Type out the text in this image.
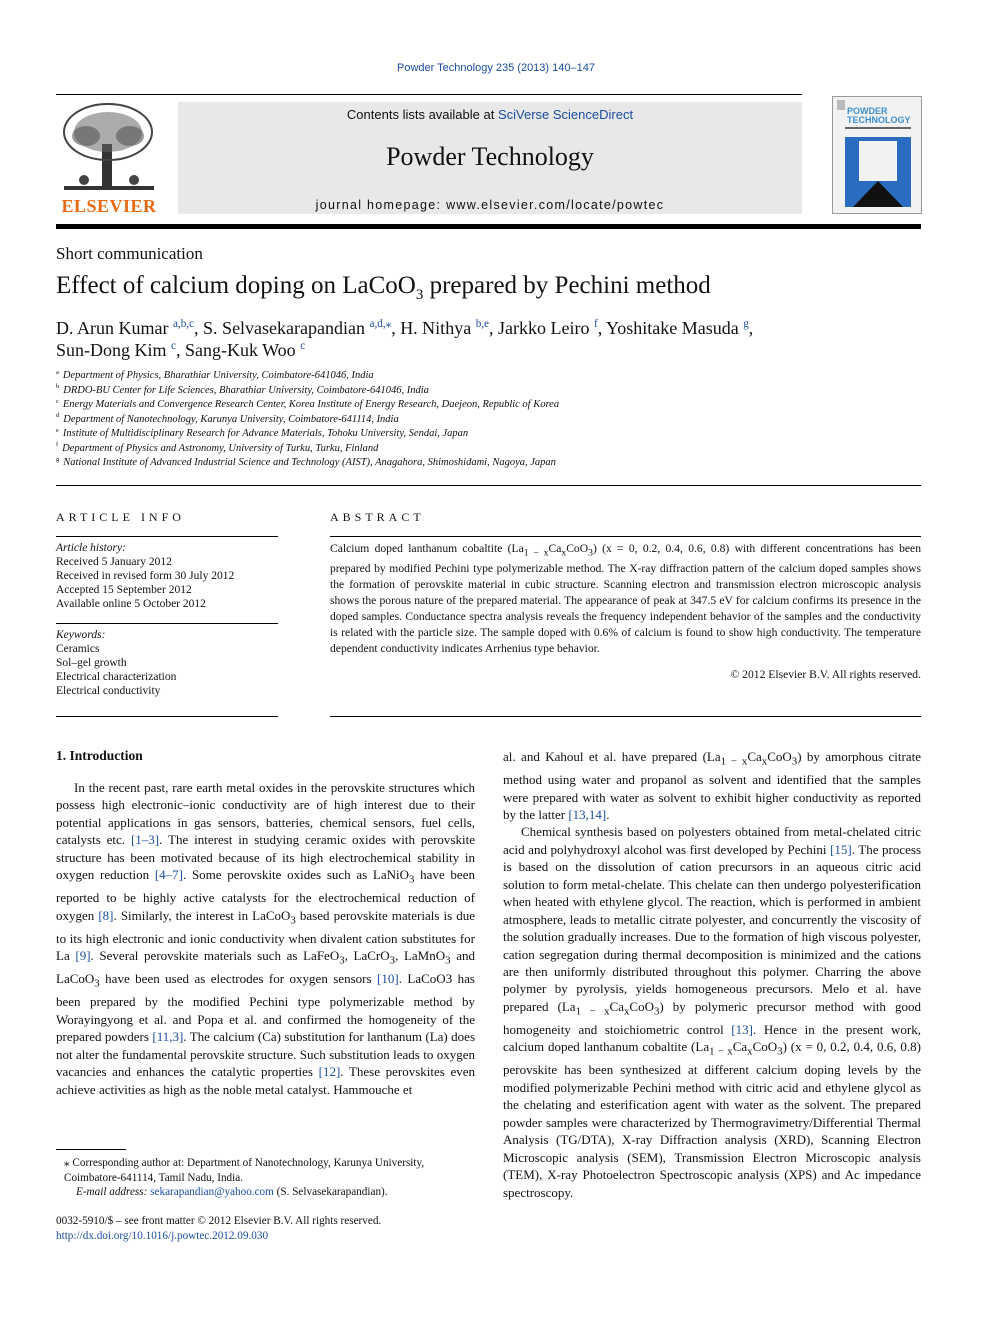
Powder Technology 235 (2013) 140–147
ELSEVIER
Contents lists available at SciVerse ScienceDirect
Powder Technology
journal homepage: www.elsevier.com/locate/powtec
POWDER TECHNOLOGY
Short communication
Effect of calcium doping on LaCoO$_3$ prepared by Pechini method
D. Arun Kumar $^{a,b,c}$, S. Selvasekarapandian $^{a,d,⁎}$, H. Nithya $^{b,e}$, Jarkko Leiro $^f$, Yoshitake Masuda $^g$,
Sun-Dong Kim $^c$, Sang-Kuk Woo $^c$
$^a$ Department of Physics, Bharathiar University, Coimbatore-641046, India
$^b$ DRDO-BU Center for Life Sciences, Bharathiar University, Coimbatore-641046, India
$^c$ Energy Materials and Convergence Research Center, Korea Institute of Energy Research, Daejeon, Republic of Korea
$^d$ Department of Nanotechnology, Karunya University, Coimbatore-641114, India
$^e$ Institute of Multidisciplinary Research for Advance Materials, Tohoku University, Sendai, Japan
$^f$ Department of Physics and Astronomy, University of Turku, Turku, Finland
$^g$ National Institute of Advanced Industrial Science and Technology (AIST), Anagahora, Shimoshidami, Nagoya, Japan
ARTICLE INFO
Article history:
Received 5 January 2012
Received in revised form 30 July 2012
Accepted 15 September 2012
Available online 5 October 2012
Keywords:
Ceramics
Sol–gel growth
Electrical characterization
Electrical conductivity
ABSTRACT
Calcium doped lanthanum cobaltite $(La_{1 - x}Ca_xCoO_3) (x = 0$, 0.2, 0.4, 0.6, 0.8) with different concentrations has been prepared by modified Pechini type polymerizable method. The X-ray diffraction pattern of the calcium doped samples shows the formation of perovskite material in cubic structure. Scanning electron and transmission electron microscopic analysis shows the porous nature of the prepared material. The appearance of peak at 347.5 eV for calcium confirms its presence in the doped samples. Conductance spectra analysis reveals the frequency independent behavior of the samples and the conductivity is related with the particle size. The sample doped with 0.6% of calcium is found to show high conductivity. The temperature dependent conductivity indicates Arrhenius type behavior.
© 2012 Elsevier B.V. All rights reserved.
1. Introduction

In the recent past, rare earth metal oxides in the perovskite structures which possess high electronic–ionic conductivity are of high interest due to their potential applications in gas sensors, batteries, chemical sensors, fuel cells, catalysts etc. [1–3]. The interest in studying ceramic oxides with perovskite structure has been motivated because of its high electrochemical stability in oxygen reduction [4–7]. Some perovskite oxides such as LaNiO$_3$ have been reported to be highly active catalysts for the electrochemical reduction of oxygen [8]. Similarly, the interest in LaCoO$_3$ based perovskite materials is due to its high electronic and ionic conductivity when divalent cation substitutes for La [9]. Several perovskite materials such as LaFeO$_3$, LaCrO$_3$, LaMnO$_3$ and LaCoO$_3$ have been used as electrodes for oxygen sensors [10]. LaCoO3 has been prepared by the modified Pechini type polymerizable method by Worayingyong et al. and Popa et al. and confirmed the homogeneity of the prepared powders [11,3]. The calcium (Ca) substitution for lanthanum (La) does not alter the fundamental perovskite structure. Such substitution leads to oxygen vacancies and enhances the catalytic properties [12]. These perovskites even achieve activities as high as the noble metal catalyst. Hammouche et

al. and Kahoul et al. have prepared $(La_{1 - x}Ca_xCoO_3)$ by amorphous citrate method using water and propanol as solvent and identified that the samples were prepared with water as solvent to exhibit higher conductivity as reported by the latter [13,14].

Chemical synthesis based on polyesters obtained from metal-chelated citric acid and polyhydroxyl alcohol was first developed by Pechini [15]. The process is based on the dissolution of cation precursors in an aqueous citric acid solution to form metal-chelate. This chelate can then undergo polyesterification when heated with ethylene glycol. The reaction, which is performed in ambient atmosphere, leads to metallic citrate polyester, and concurrently the viscosity of the solution gradually increases. Due to the formation of high viscous polyester, cation segregation during thermal decomposition is minimized and the cations are then uniformly distributed throughout this polymer. Charring the above polymer by pyrolysis, yields homogeneous precursors. Melo et al. have prepared $(La_{1 - x}Ca_xCoO_3)$ by polymeric precursor method with good homogeneity and stoichiometric control [13]. Hence in the present work, calcium doped lanthanum cobaltite $(La_{1 - x}Ca_xCoO_3) (x = 0$, 0.2, 0.4, 0.6, 0.8) perovskite has been synthesized at different calcium doping levels by the modified polymerizable Pechini method with citric acid and ethylene glycol as the chelating and esterification agent with water as the solvent. The prepared powder samples were characterized by Thermogravimetry/Differential Thermal Analysis (TG/DTA), X-ray Diffraction analysis (XRD), Scanning Electron Microscopic analysis (SEM), Transmission Electron Microscopic analysis (TEM), X-ray Photoelectron Spectroscopic analysis (XPS) and Ac impedance spectroscopy.

⁎ Corresponding author at: Department of Nanotechnology, Karunya University, Coimbatore-641114, Tamil Nadu, India.
E-mail address: sekarapandian@yahoo.com (S. Selvasekarapandian).
0032-5910/$ – see front matter © 2012 Elsevier B.V. All rights reserved.
http://dx.doi.org/10.1016/j.powtec.2012.09.030
